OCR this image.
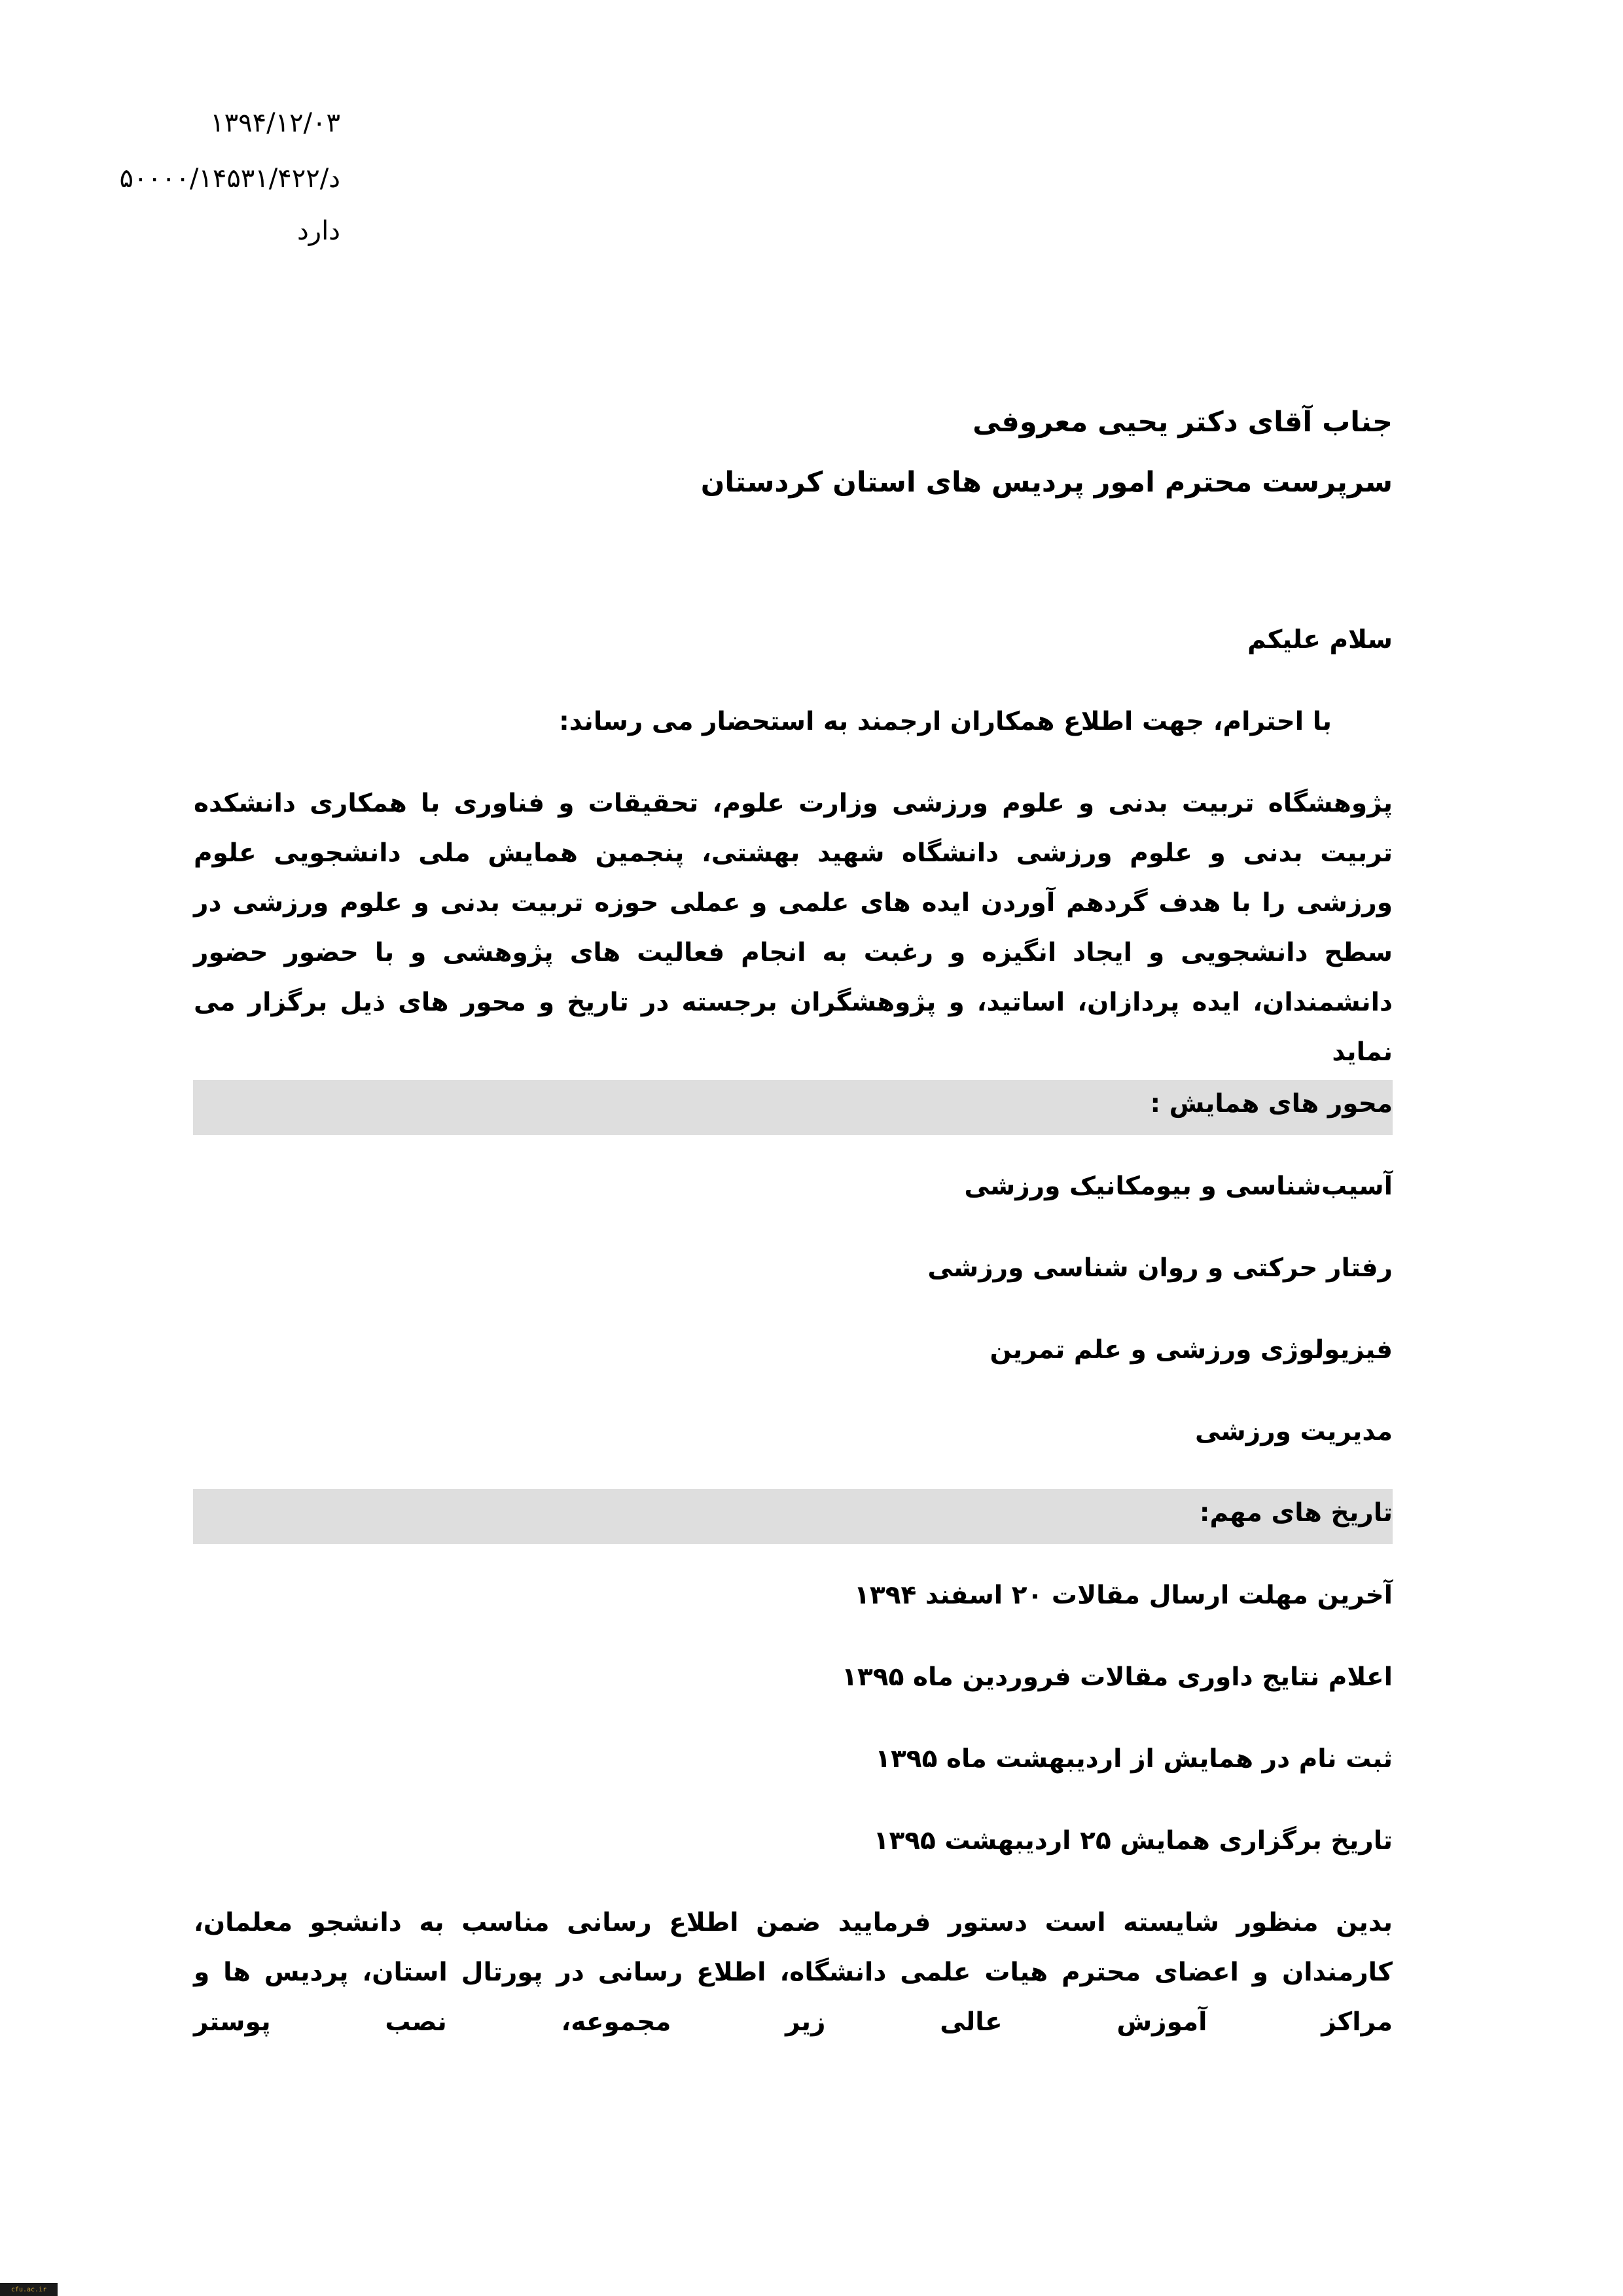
۱۳۹۴/۱۲/۰۳
د/۵۰۰۰۰/۱۴۵۳۱/۴۲۲
دارد
جناب آقای دکتر یحیی معروفی
سرپرست محترم امور پردیس های استان کردستان
سلام علیکم
با احترام، جهت اطلاع همکاران ارجمند به استحضار می رساند:
پژوهشگاه تربیت بدنی و علوم ورزشی وزارت علوم، تحقیقات و فناوری با همکاری دانشکده تربیت بدنی و علوم ورزشی دانشگاه شهید بهشتی، پنجمین همایش ملی دانشجویی علوم ورزشی را با هدف گردهم آوردن ایده های علمی و عملی حوزه تربیت بدنی و علوم ورزشی در سطح دانشجویی و ایجاد انگیزه و رغبت به انجام فعالیت های پژوهشی و با حضور حضور دانشمندان، ایده پردازان، اساتید، و پژوهشگران برجسته در تاریخ و محور های ذیل برگزار می نماید
محور های همایش :
آسیب‌شناسی و بیومکانیک ورزشی
رفتار حرکتی و روان شناسی ورزشی
فیزیولوژی ورزشی و علم تمرین
مدیریت ورزشی
تاریخ های مهم:
آخرین مهلت ارسال مقالات ۲۰ اسفند ۱۳۹۴
اعلام نتایج داوری مقالات فروردین ماه ۱۳۹۵
ثبت نام در همایش از اردیبهشت ماه ۱۳۹۵
تاریخ برگزاری همایش ۲۵ اردیبهشت ۱۳۹۵
بدین منظور شایسته است دستور فرمایید ضمن اطلاع رسانی مناسب به دانشجو معلمان، کارمندان و اعضای محترم هیات علمی دانشگاه، اطلاع رسانی در پورتال استان، پردیس ها و مراکز آموزش عالی زیر مجموعه، نصب پوستر
cfu.ac.ir
